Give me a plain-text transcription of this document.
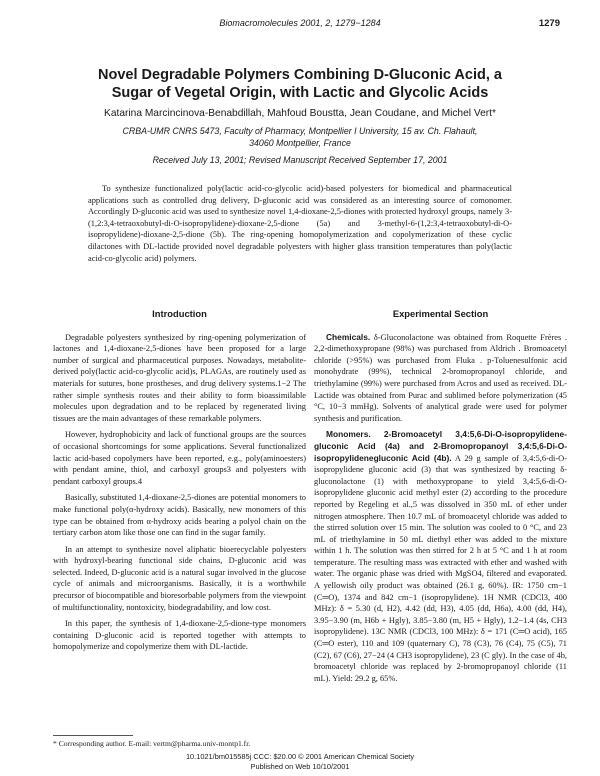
Biomacromolecules 2001, 2, 1279−1284	1279
Novel Degradable Polymers Combining D-Gluconic Acid, a Sugar of Vegetal Origin, with Lactic and Glycolic Acids
Katarina Marcincinova-Benabdillah, Mahfoud Boustta, Jean Coudane, and Michel Vert*
CRBA-UMR CNRS 5473, Faculty of Pharmacy, Montpellier I University, 15 av. Ch. Flahault,
34060 Montpellier, France
Received July 13, 2001; Revised Manuscript Received September 17, 2001
To synthesize functionalized poly(lactic acid-co-glycolic acid)-based polyesters for biomedical and pharmaceutical applications such as controlled drug delivery, D-gluconic acid was considered as an interesting source of comonomer. Accordingly D-gluconic acid was used to synthesize novel 1,4-dioxane-2,5-diones with protected hydroxyl groups, namely 3-(1,2:3,4-tetraoxobutyl-di-O-isopropylidene)-dioxane-2,5-dione (5a) and 3-methyl-6-(1,2:3,4-tetraoxobutyl-di-O-isopropylidene)-dioxane-2,5-dione (5b). The ring-opening homopolymerization and copolymerization of these cyclic dilactones with DL-lactide provided novel degradable polyesters with higher glass transition temperatures than poly(lactic acid-co-glycolic acid) polymers.
Introduction

Degradable polyesters synthesized by ring-opening polymerization of lactones and 1,4-dioxane-2,5-diones have been proposed for a large number of surgical and pharmaceutical purposes. Nowadays, metabolite-derived poly(lactic acid-co-glycolic acid)s, PLAGAs, are routinely used as materials for sutures, bone prostheses, and drug delivery systems.1−2 The rather simple synthesis routes and their ability to form bioassimilable molecules upon degradation and to be replaced by regenerated living tissues are the main advantages of these remarkable polymers.

However, hydrophobicity and lack of functional groups are the sources of occasional shortcomings for some applications. Several functionalized lactic acid-based copolymers have been reported, e.g., poly(aminoesters) with pendant amine, thiol, and carboxyl groups3 and polyesters with pendant carboxyl groups.4

Basically, substituted 1,4-dioxane-2,5-diones are potential monomers to make functional poly(α-hydroxy acids). Basically, new monomers of this type can be obtained from α-hydroxy acids bearing a polyol chain on the tertiary carbon atom like those one can find in the sugar family.

In an attempt to synthesize novel aliphatic bioerecyclable polyesters with hydroxyl-bearing functional side chains, D-gluconic acid was selected. Indeed, D-gluconic acid is a natural sugar involved in the glucose cycle of animals and microorganisms. Basically, it is a worthwhile precursor of biocompatible and bioresorbable polymers from the viewpoint of multifunctionality, nontoxicity, biodegradability, and low cost.

In this paper, the synthesis of 1,4-dioxane-2,5-dione-type monomers containing D-gluconic acid is reported together with attempts to homopolymerize and copolymerize them with DL-lactide.

Experimental Section

Chemicals. δ-Gluconolactone was obtained from Roquette Frères . 2,2-dimethoxypropane (98%) was purchased from Aldrich . Bromoacetyl chloride (>95%) was purchased from Fluka . p-Toluenesulfonic acid monohydrate (99%), technical 2-bromopropanoyl chloride, and triethylamine (99%) were purchased from Acros and used as received. DL-Lactide was obtained from Purac and sublimed before polymerization (45 °C, 10−3 mmHg). Solvents of analytical grade were used for polymer synthesis and purification.

Monomers. 2-Bromoacetyl 3,4:5,6-Di-O-isopropylidene-gluconic Acid (4a) and 2-Bromopropanoyl 3,4:5,6-Di-O-isopropylidenegluconic Acid (4b). A 29 g sample of 3,4:5,6-di-O-isopropylidene gluconic acid (3) that was synthesized by reacting δ-gluconolactone (1) with methoxypropane to yield 3,4:5,6-di-O-isopropylidene gluconic acid methyl ester (2) according to the procedure reported by Regeling et al.,5 was dissolved in 350 mL of ether under nitrogen atmosphere. Then 10.7 mL of bromoacetyl chloride was added to the stirred solution over 15 min. The solution was cooled to 0 °C, and 23 mL of triethylamine in 50 mL diethyl ether was added to the mixture within 1 h. The solution was then stirred for 2 h at 5 °C and 1 h at room temperature. The resulting mass was extracted with ether and washed with water. The organic phase was dried with MgSO4, filtered and evaporated. A yellowish oily product was obtained (26.1 g, 60%). IR: 1750 cm−1 (C═O), 1374 and 842 cm−1 (isopropylidene). 1H NMR (CDCl3, 400 MHz): δ = 5.30 (d, H2), 4.42 (dd, H3), 4.05 (dd, H6a), 4.00 (dd, H4), 3.95−3.90 (m, H6b + Hgly), 3.85−3.80 (m, H5 + Hgly), 1.2−1.4 (4s, CH3 isopropylidene). 13C NMR (CDCl3, 100 MHz): δ = 171 (C═O acid), 165 (C═O ester), 110 and 109 (quaternary C), 78 (C3), 76 (C4), 75 (C5), 71 (C2), 67 (C6), 27−24 (4 CH3 isopropylidene), 23 (C gly). In the case of 4b, bromoacetyl chloride was replaced by 2-bromopropanoyl chloride (11 mL). Yield: 29.2 g, 65%.

* Corresponding author. E-mail: vertm@pharma.univ-montp1.fr.
10.1021/bm015585j CCC: $20.00 © 2001 American Chemical Society
Published on Web 10/10/2001
